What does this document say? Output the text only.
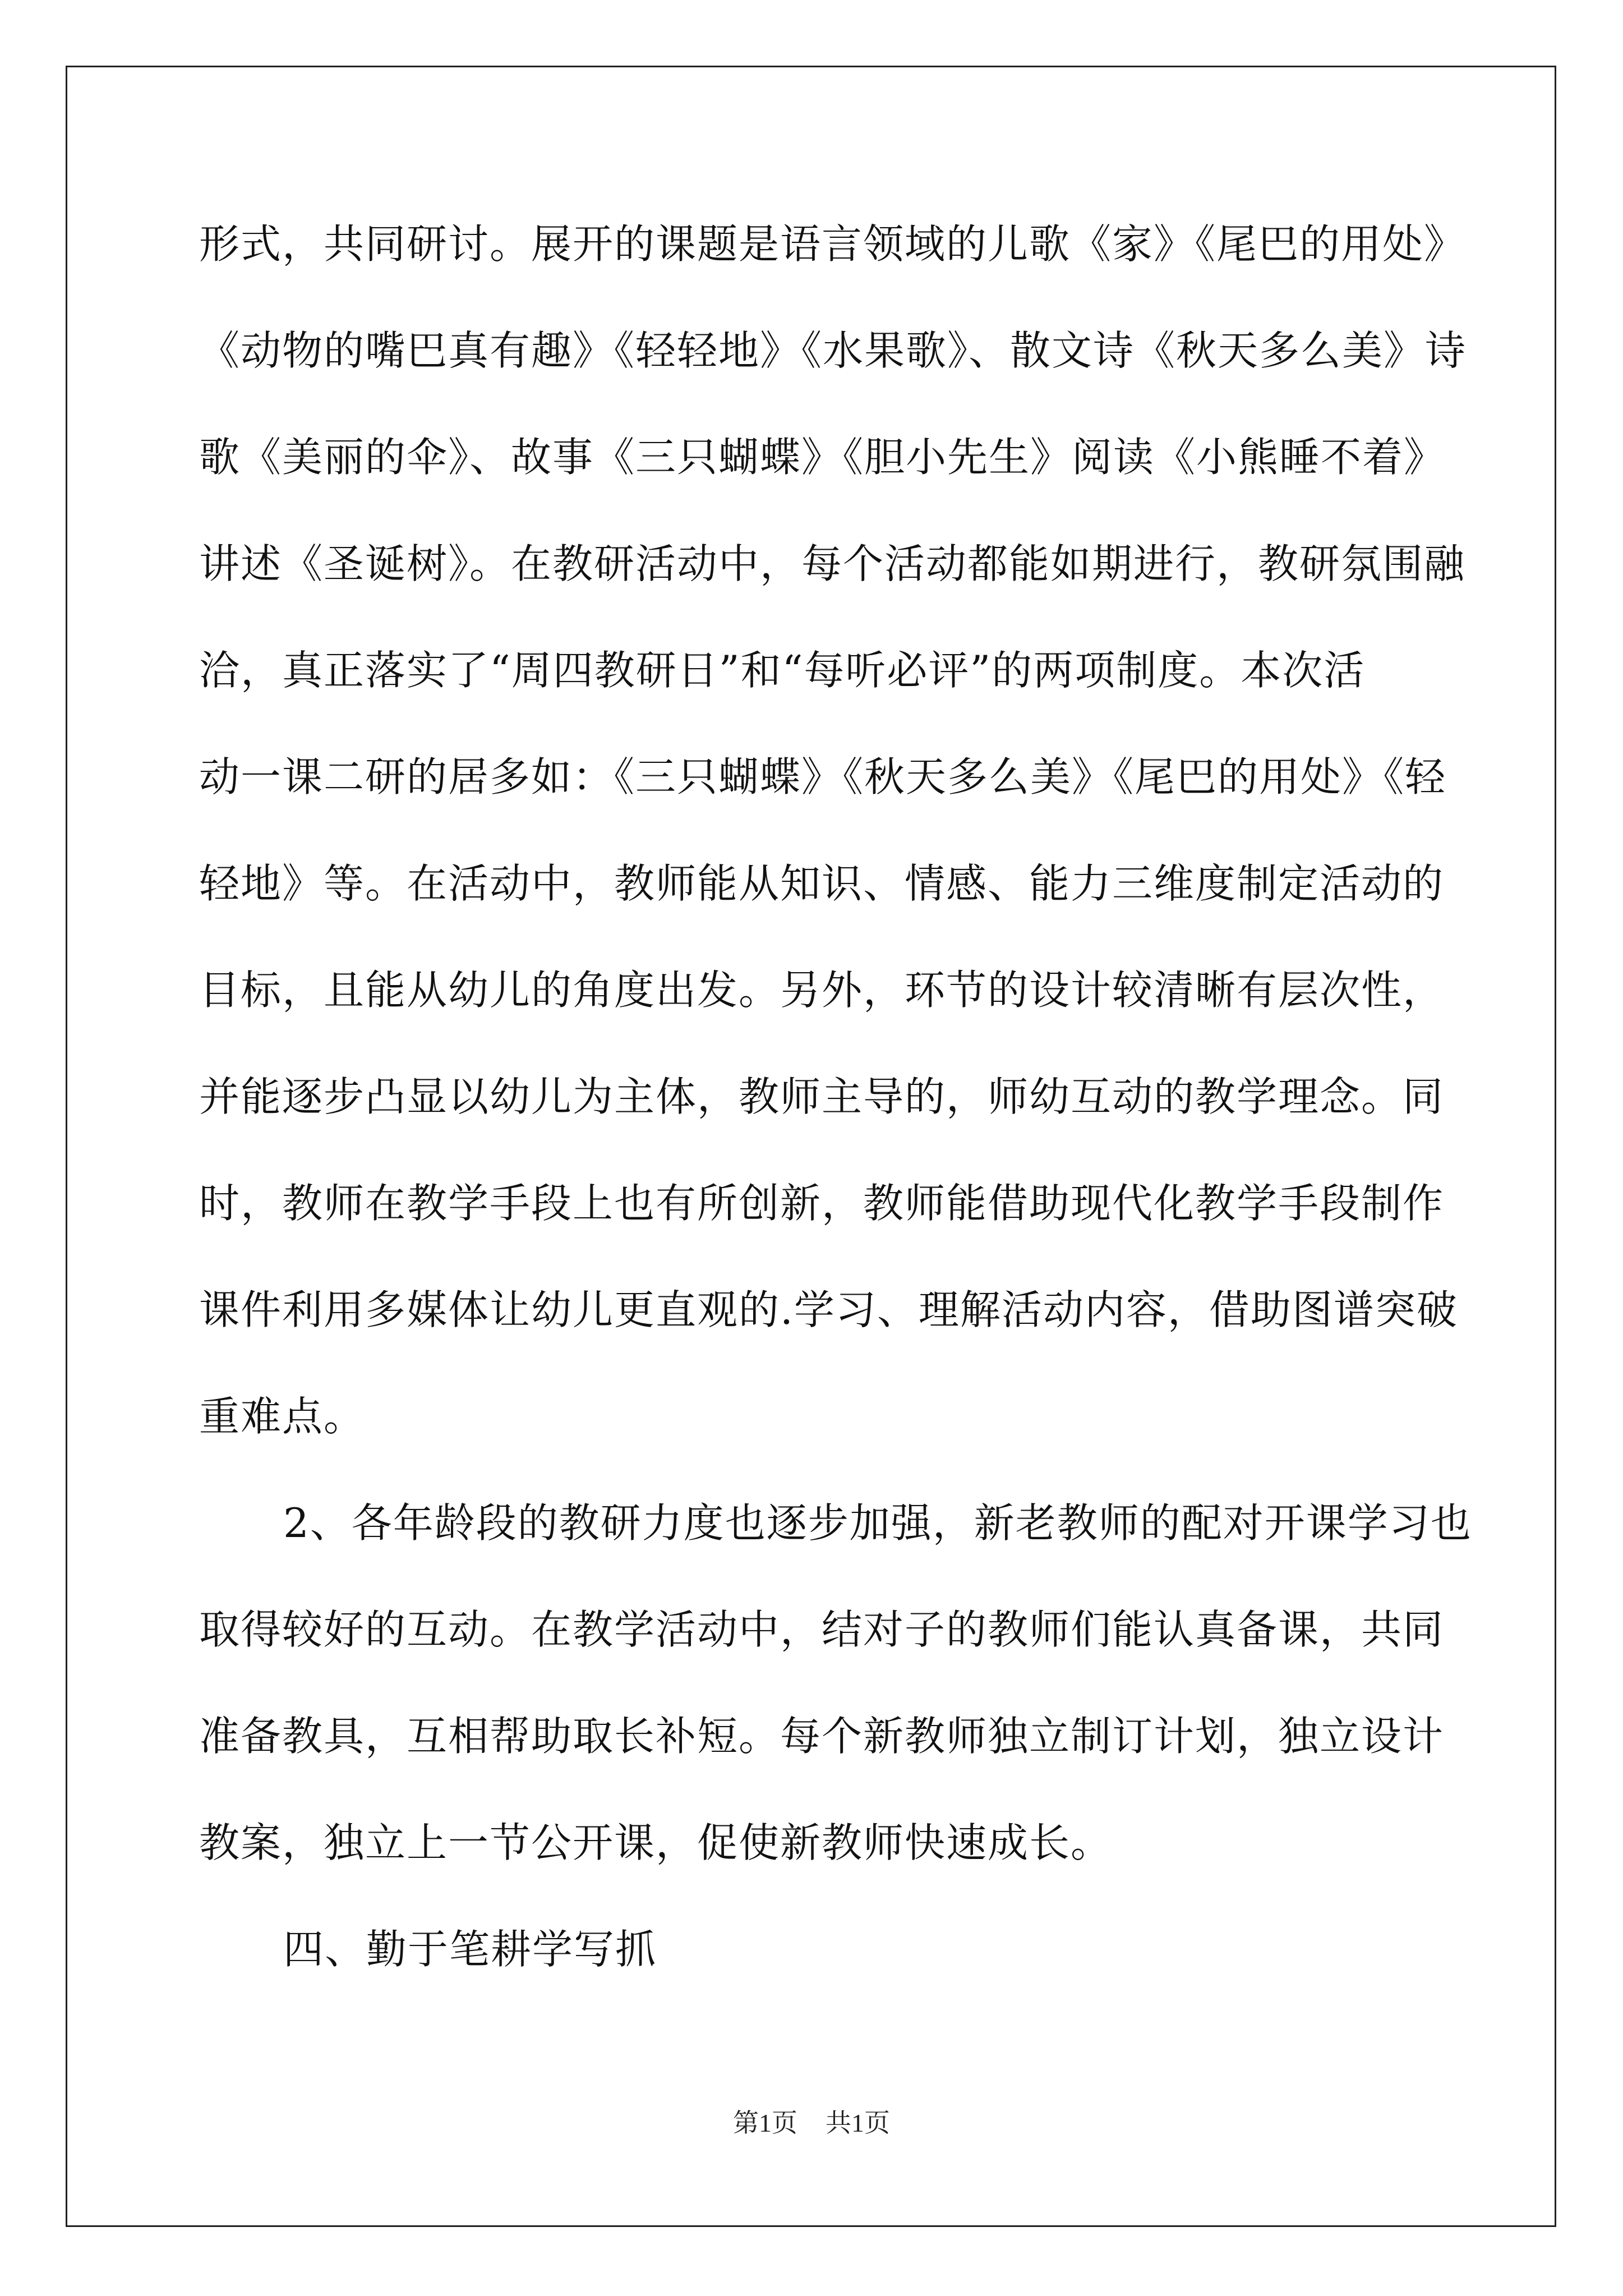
形式，共同研讨。展开的课题是语言领域的儿歌《家》《尾巴的用处》
《动物的嘴巴真有趣》《轻轻地》《水果歌》、散文诗《秋天多么美》诗
歌《美丽的伞》、故事《三只蝴蝶》《胆小先生》阅读《小熊睡不着》
讲述《圣诞树》。在教研活动中，每个活动都能如期进行，教研氛围融
洽，真正落实了“周四教研日”和“每听必评”的两项制度。本次活
动一课二研的居多如：《三只蝴蝶》《秋天多么美》《尾巴的用处》《轻
轻地》等。在活动中，教师能从知识、情感、能力三维度制定活动的
目标，且能从幼儿的角度出发。另外，环节的设计较清晰有层次性，
并能逐步凸显以幼儿为主体，教师主导的，师幼互动的教学理念。同
时，教师在教学手段上也有所创新，教师能借助现代化教学手段制作
课件利用多媒体让幼儿更直观的.学习、理解活动内容，借助图谱突破
重难点。
2、各年龄段的教研力度也逐步加强，新老教师的配对开课学习也
取得较好的互动。在教学活动中，结对子的教师们能认真备课，共同
准备教具，互相帮助取长补短。每个新教师独立制订计划，独立设计
教案，独立上一节公开课，促使新教师快速成长。
四、勤于笔耕学写抓
第1页 共1页
